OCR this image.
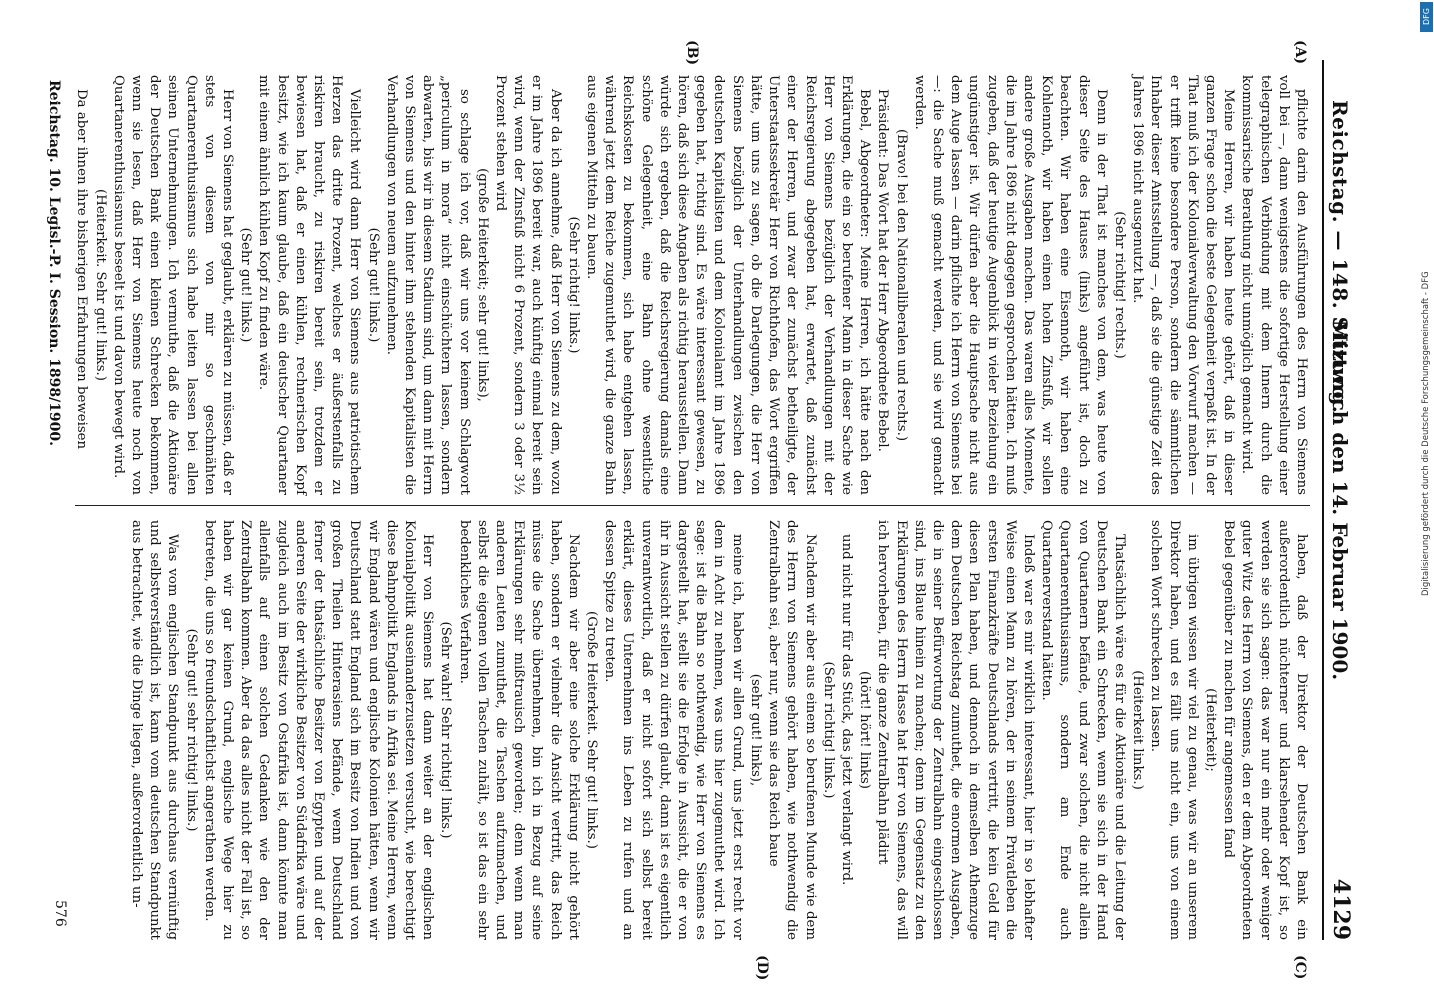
Reichstag. — 148. Sitzung.
Mittwoch den 14. Februar 1900.
4129
(A)
(B)
(C)
(D)

pflichte darin den Ausführungen des Herrn von Siemens voll bei —, dann wenigstens die sofortige Herstellung einer telegraphischen Verbindung mit dem Innern durch die kommissarische Berathung nicht unmöglich gemacht wird.

Meine Herren, wir haben heute gehört, daß in dieser ganzen Frage schon die beste Gelegenheit verpaßt ist. In der That muß ich der Kolonialverwaltung den Vorwurf machen — er trifft keine besondere Person, sondern die sämmtlichen Inhaber dieser Amtsstellung —, daß sie die günstige Zeit des Jahres 1896 nicht ausgenutzt hat.

(Sehr richtig! rechts.)

Denn in der That ist manches von dem, was heute von dieser Seite des Hauses (links) angeführt ist, doch zu beachten. Wir haben eine Eisennoth, wir haben eine Kohlennoth, wir haben einen hohen Zinsfuß, wir sollen andere große Ausgaben machen. Das waren alles Momente, die im Jahre 1896 nicht dagegen gesprochen hätten. Ich muß zugeben, daß der heutige Augenblick in vieler Beziehung ein ungünstiger ist. Wir dürfen aber die Hauptsache nicht aus dem Auge lassen — darin pflichte ich Herrn von Siemens bei —: die Sache muß gemacht werden, und sie wird gemacht werden.

(Bravo! bei den Nationalliberalen und rechts.)

Präsident: Das Wort hat der Herr Abgeordnete Bebel.

Bebel, Abgeordneter: Meine Herren, ich hätte nach den Erklärungen, die ein so berufener Mann in dieser Sache wie Herr von Siemens bezüglich der Verhandlungen mit der Reichsregierung abgegeben hat, erwartet, daß zunächst einer der Herren, und zwar der zunächst betheiligte, der Unterstaatssekretär Herr von Richthofen, das Wort ergriffen hätte, um uns zu sagen, ob die Darlegungen, die Herr von Siemens bezüglich der Unterhandlungen zwischen den deutschen Kapitalisten und dem Kolonialamt im Jahre 1896 gegeben hat, richtig sind. Es wäre interessant gewesen, zu hören, daß sich diese Angaben als richtig herausstellen. Dann würde sich ergeben, daß die Reichsregierung damals eine schöne Gelegenheit, eine Bahn ohne wesentliche Reichskosten zu bekommen, sich habe entgehen lassen, während jetzt dem Reiche zugemuthet wird, die ganze Bahn aus eigenen Mitteln zu bauen.

(Sehr richtig! links.)

Aber da ich annehme, daß Herr von Siemens zu dem, wozu er im Jahre 1896 bereit war, auch künftig einmal bereit sein wird, wenn der Zinsfuß nicht 6 Prozent, sondern 3 oder 3½ Prozent stehen wird

(große Heiterkeit; sehr gut! links),

so schlage ich vor, daß wir uns vor keinem Schlagwort „periculum in mora“ nicht einschüchtern lassen, sondern abwarten, bis wir in diesem Stadium sind, um dann mit Herrn von Siemens und den hinter ihm stehenden Kapitalisten die Verhandlungen von neuem aufzunehmen.

(Sehr gut! links.)

Vielleicht wird dann Herr von Siemens aus patriotischem Herzen das dritte Prozent, welches er äußerstenfalls zu riskiren braucht, zu riskiren bereit sein, trotzdem er bewiesen hat, daß er einen kühlen, rechnerischen Kopf besitzt, wie ich kaum glaube, daß ein deutscher Quartaner mit einem ähnlich kühlen Kopf zu finden wäre.

(Sehr gut! links.)

Herr von Siemens hat geglaubt, erklären zu müssen, daß er stets von diesem von mir so geschmähten Quartanerenthusiasmus sich habe leiten lassen bei allen seinen Unternehmungen. Ich vermuthe, daß die Aktionäre der Deutschen Bank einen kleinen Schrecken bekommen, wenn sie lesen, daß Herr von Siemens heute noch von Quartanerenthusiasmus beseelt ist und davon bewegt wird.

(Heiterkeit. Sehr gut! links.)

Da aber ihnen ihre bisherigen Erfahrungen beweisen

haben, daß der Direktor der Deutschen Bank ein außerordentlich nüchterner und klarsehender Kopf ist, so werden sie sich sagen: das war nur ein mehr oder weniger guter Witz des Herrn von Siemens, den er dem Abgeordneten Bebel gegenüber zu machen für angemessen fand

(Heiterkeit);

im übrigen wissen wir viel zu genau, was wir an unserem Direktor haben, und es fällt uns nicht ein, uns von einem solchen Wort schrecken zu lassen.

(Heiterkeit links.)

Thatsächlich wäre es für die Aktionäre und die Leitung der Deutschen Bank ein Schrecken, wenn sie sich in der Hand von Quartanern befände, und zwar solchen, die nicht allein Quartanerenthusiasmus, sondern am Ende auch Quartanerverstand hätten.

Indeß war es mir wirklich interessant, hier in so lebhafter Weise einen Mann zu hören, der in seinem Privatleben die ersten Finanzkräfte Deutschlands vertritt, die kein Geld für diesen Plan haben, und dennoch in demselben Athemzuge dem Deutschen Reichstag zumuthet, die enormen Ausgaben, die in seiner Befürwortung der Zentralbahn eingeschlossen sind, ins Blaue hinein zu machen; denn im Gegensatz zu den Erklärungen des Herrn Hasse hat Herr von Siemens, das will ich hervorheben, für die ganze Zentralbahn plädirt

(hört! hört! links)

und nicht nur für das Stück, das jetzt verlangt wird.

(Sehr richtig! links.)

Nachdem wir aber aus einem so berufenen Munde wie dem des Herrn von Siemens gehört haben, wie nothwendig die Zentralbahn sei, aber nur, wenn sie das Reich baue

(sehr gut! links),

meine ich, haben wir allen Grund, uns jetzt erst recht vor dem in Acht zu nehmen, was uns hier zugemuthet wird. Ich sage: ist die Bahn so nothwendig, wie Herr von Siemens es dargestellt hat, stellt sie die Erfolge in Aussicht, die er von ihr in Aussicht stellen zu dürfen glaubt, dann ist es eigentlich unverantwortlich, daß er nicht sofort sich selbst bereit erklärt, dieses Unternehmen ins Leben zu rufen und an dessen Spitze zu treten.

(Große Heiterkeit. Sehr gut! links.)

Nachdem wir aber eine solche Erklärung nicht gehört haben, sondern er vielmehr die Ansicht vertritt, das Reich müsse die Sache übernehmen, bin ich in Bezug auf seine Erklärungen sehr mißtrauisch geworden; denn wenn man anderen Leuten zumuthet, die Taschen aufzumachen, und selbst die eigenen vollen Taschen zuhält, so ist das ein sehr bedenkliches Verfahren.

(Sehr wahr! Sehr richtig! links.)

Herr von Siemens hat dann weiter an der englischen Kolonialpolitik auseinanderzusetzen versucht, wie berechtigt diese Bahnpolitik Englands in Afrika sei. Meine Herren, wenn wir England wären und englische Kolonien hätten, wenn wir Deutschland statt England sich im Besitz von Indien und von großen Theilen Hinterasiens befände, wenn Deutschland ferner der thatsächliche Besitzer von Egypten und auf der anderen Seite der wirkliche Besitzer von Südafrika wäre und zugleich auch im Besitz von Ostafrika ist, dann könnte man allenfalls auf einen solchen Gedanken wie den der Zentralbahn kommen. Aber da das alles nicht der Fall ist, so haben wir gar keinen Grund, englische Wege hier zu betreten, die uns so freundschaftlichst angerathen werden.

(Sehr gut! sehr richtig! links.)

Was vom englischen Standpunkt aus durchaus vernünftig und selbstverständlich ist, kann vom deutschen Standpunkt aus betrachtet, wie die Dinge liegen, außerordentlich un-

Reichstag. 10. Legisl.-P. I. Session. 1898/1900.
576
DFG
Digitalisierung gefördert durch die Deutsche Forschungsgemeinschaft - DFG
